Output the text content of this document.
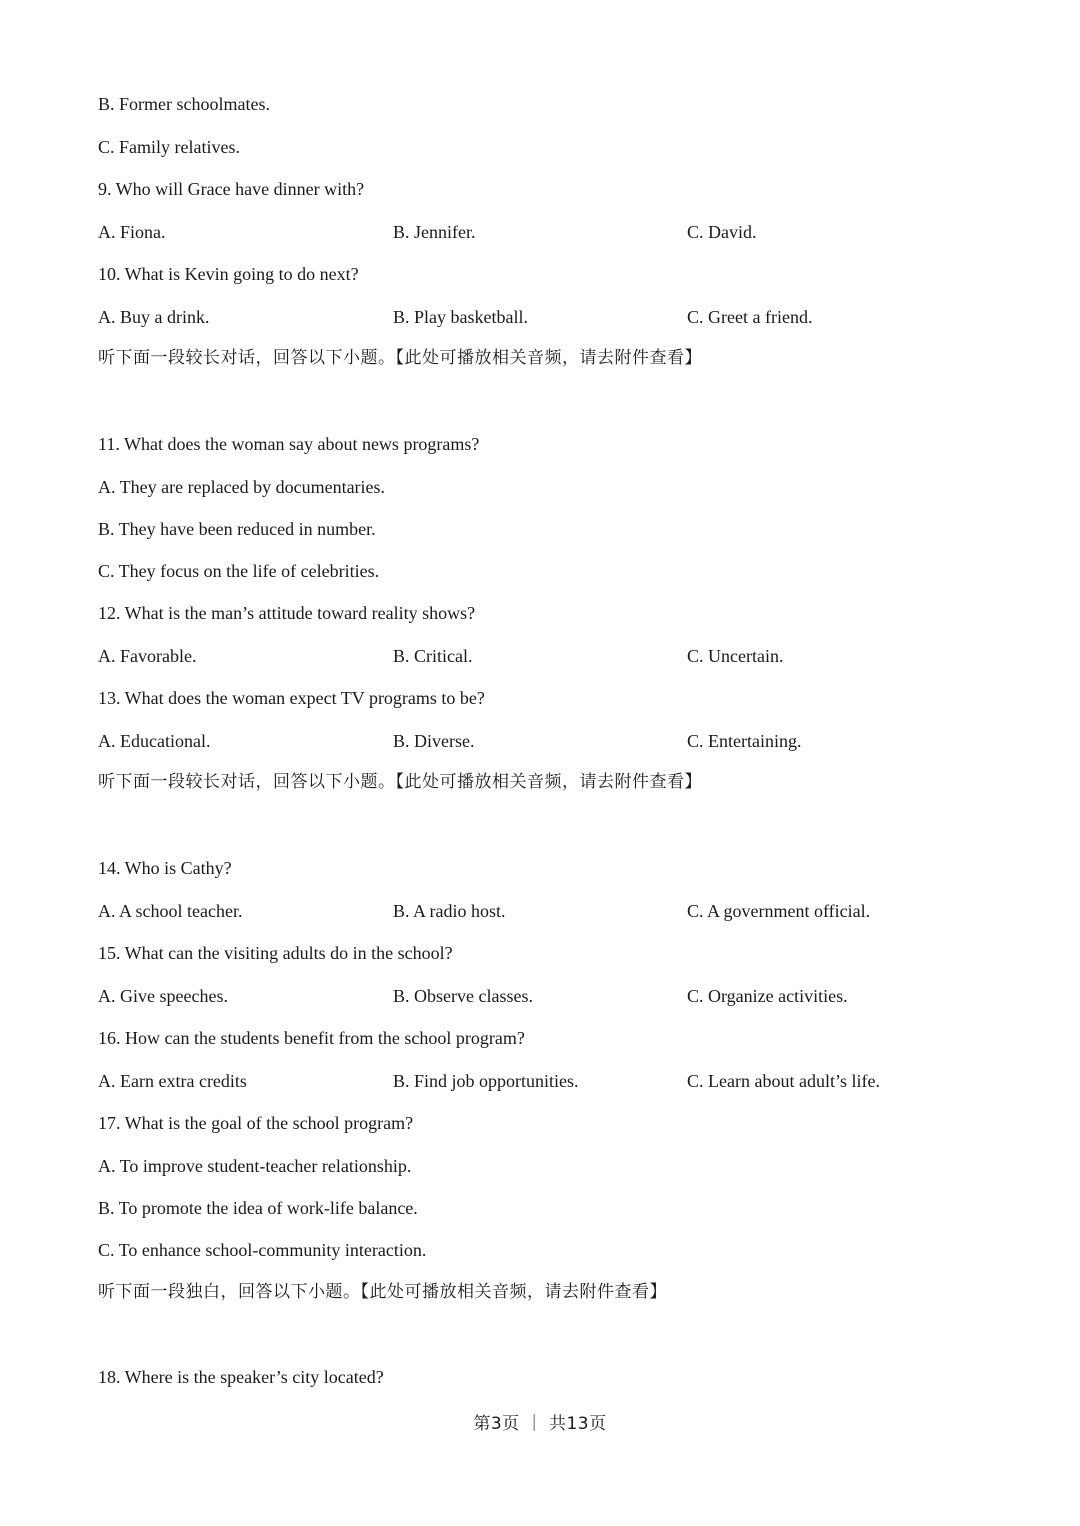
B. Former schoolmates.
C. Family relatives.
9. Who will Grace have dinner with?
A. Fiona.	B. Jennifer.	C. David.
10. What is Kevin going to do next?
A. Buy a drink.	B. Play basketball.	C. Greet a friend.
听下面一段较长对话，回答以下小题。【此处可播放相关音频，请去附件查看】
11. What does the woman say about news programs?
A. They are replaced by documentaries.
B. They have been reduced in number.
C. They focus on the life of celebrities.
12. What is the man’s attitude toward reality shows?
A. Favorable.	B. Critical.	C. Uncertain.
13. What does the woman expect TV programs to be?
A. Educational.	B. Diverse.	C. Entertaining.
听下面一段较长对话，回答以下小题。【此处可播放相关音频，请去附件查看】
14. Who is Cathy?
A. A school teacher.	B. A radio host.	C. A government official.
15. What can the visiting adults do in the school?
A. Give speeches.	B. Observe classes.	C. Organize activities.
16. How can the students benefit from the school program?
A. Earn extra credits	B. Find job opportunities.	C. Learn about adult’s life.
17. What is the goal of the school program?
A. To improve student-teacher relationship.
B. To promote the idea of work-life balance.
C. To enhance school-community interaction.
听下面一段独白，回答以下小题。【此处可播放相关音频，请去附件查看】
18. Where is the speaker’s city located?
第3页 ｜ 共13页
